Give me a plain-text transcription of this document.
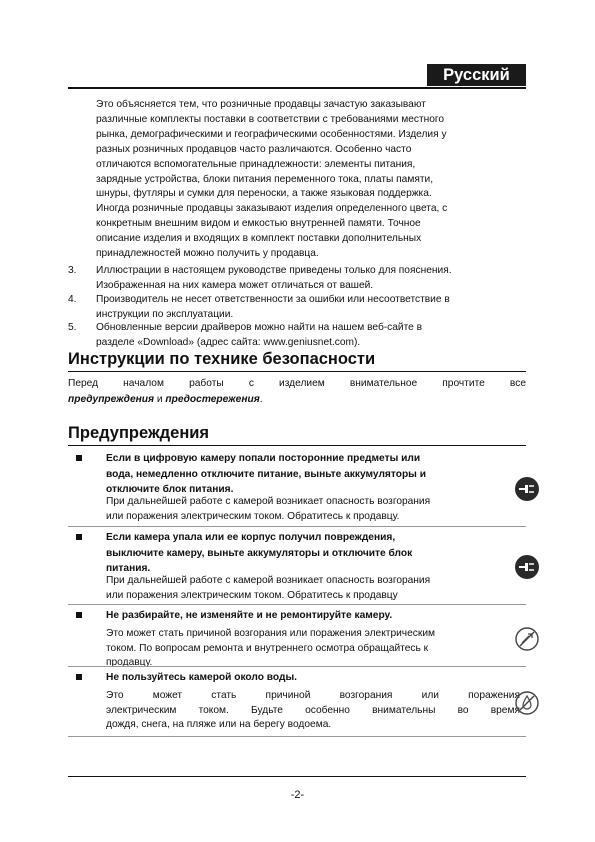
Русский
Это объясняется тем, что розничные продавцы зачастую заказывают
различные комплекты поставки в соответствии с требованиями местного
рынка, демографическими и географическими особенностями. Изделия у
разных розничных продавцов часто различаются. Особенно часто
отличаются вспомогательные принадлежности: элементы питания,
зарядные устройства, блоки питания переменного тока, платы памяти,
шнуры, футляры и сумки для переноски, а также языковая поддержка.
Иногда розничные продавцы заказывают изделия определенного цвета, с
конкретным внешним видом и емкостью внутренней памяти. Точное
описание изделия и входящих в комплект поставки дополнительных
принадлежностей можно получить у продавца.
3. Иллюстрации в настоящем руководстве приведены только для пояснения.
Изображенная на них камера может отличаться от вашей.
4. Производитель не несет ответственности за ошибки или несоответствие в
инструкции по эксплуатации.
5. Обновленные версии драйверов можно найти на нашем веб-сайте в
разделе «Download» (адрес сайта: www.geniusnet.com).
Инструкции по технике безопасности
Перед началом работы с изделием внимательное прочтите все
предупреждения и предостережения.
Предупреждения
Если в цифровую камеру попали посторонние предметы или
вода, немедленно отключите питание, выньте аккумуляторы и
отключите блок питания.
При дальнейшей работе с камерой возникает опасность возгорания
или поражения электрическим током. Обратитесь к продавцу.
Если камера упала или ее корпус получил повреждения,
выключите камеру, выньте аккумуляторы и отключите блок
питания.
При дальнейшей работе с камерой возникает опасность возгорания
или поражения электрическим током. Обратитесь к продавцу
Не разбирайте, не изменяйте и не ремонтируйте камеру.
Это может стать причиной возгорания или поражения электрическим
током. По вопросам ремонта и внутреннего осмотра обращайтесь к
продавцу.
Не пользуйтесь камерой около воды.
Это может стать причиной возгорания или поражения
электрическим током. Будьте особенно внимательны во время
дождя, снега, на пляже или на берегу водоема.
-2-
